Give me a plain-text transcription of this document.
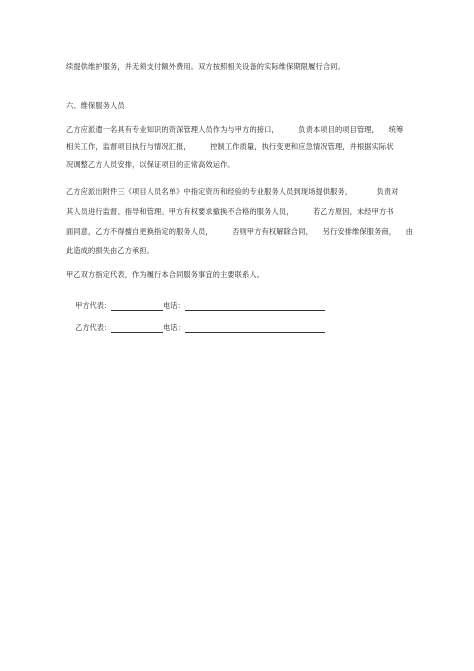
续提供维护服务，并无须支付额外费用。双方按照相关设备的实际维保期限履行合同。
六、维保服务人员
乙方应派遣一名具有专业知识的资深管理人员作为与甲方的接口，        负责本项目的项目管理，    统筹
相关工作，监督项目执行与情况汇报，        控制工作质量，执行变更和应急情况管理，并根据实际状
况调整乙方人员安排，以保证项目的正常高效运作。
乙方应派出附件三《项目人员名单》中指定资历和经验的专业服务人员到现场提供服务，          负责对
其人员进行监督、指导和管理。甲方有权要求撤换不合格的服务人员，        若乙方原因，未经甲方书
面同意，乙方不得擅自更换指定的服务人员，        否则甲方有权解除合同，    另行安排维保服务商，    由
此造成的损失由乙方承担。
甲乙双方指定代表，作为履行本合同服务事宜的主要联系人。

甲方代表：	电话：

乙方代表：	电话：
